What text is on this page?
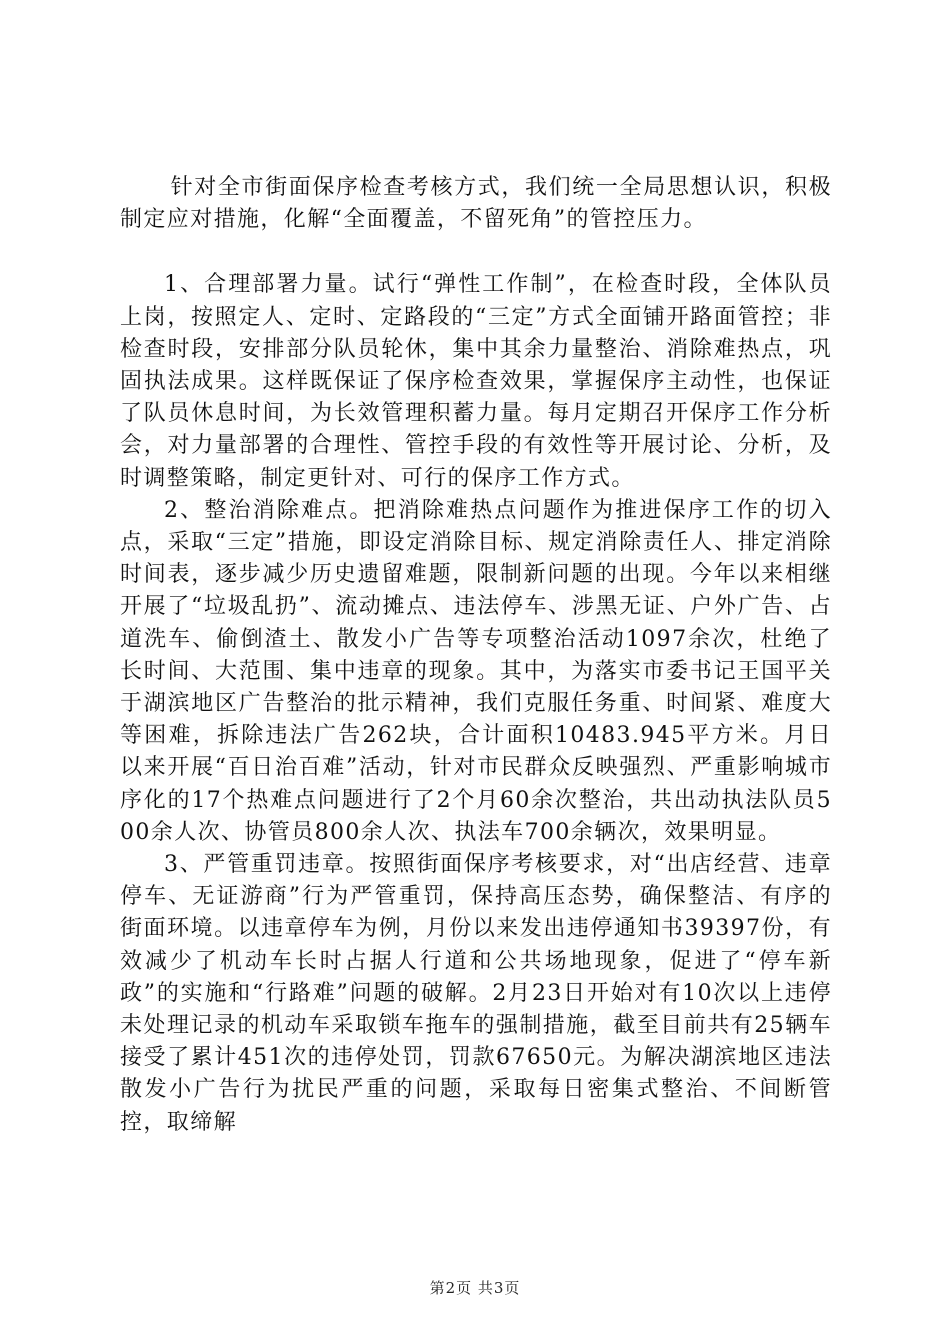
针对全市街面保序检查考核方式，我们统一全局思想认识，积极制定应对措施，化解“全面覆盖，不留死角”的管控压力。

1、合理部署力量。试行“弹性工作制”，在检查时段，全体队员上岗，按照定人、定时、定路段的“三定”方式全面铺开路面管控；非检查时段，安排部分队员轮休，集中其余力量整治、消除难热点，巩固执法成果。这样既保证了保序检查效果，掌握保序主动性，也保证了队员休息时间，为长效管理积蓄力量。每月定期召开保序工作分析会，对力量部署的合理性、管控手段的有效性等开展讨论、分析，及时调整策略，制定更针对、可行的保序工作方式。

2、整治消除难点。把消除难热点问题作为推进保序工作的切入点，采取“三定”措施，即设定消除目标、规定消除责任人、排定消除时间表，逐步减少历史遗留难题，限制新问题的出现。今年以来相继开展了“垃圾乱扔”、流动摊点、违法停车、涉黑无证、户外广告、占道洗车、偷倒渣土、散发小广告等专项整治活动1097余次，杜绝了长时间、大范围、集中违章的现象。其中，为落实市委书记王国平关于湖滨地区广告整治的批示精神，我们克服任务重、时间紧、难度大等困难，拆除违法广告262块，合计面积10483.945平方米。月日以来开展“百日治百难”活动，针对市民群众反映强烈、严重影响城市序化的17个热难点问题进行了2个月60余次整治，共出动执法队员500余人次、协管员800余人次、执法车700余辆次，效果明显。

3、严管重罚违章。按照街面保序考核要求，对“出店经营、违章停车、无证游商”行为严管重罚，保持高压态势，确保整洁、有序的街面环境。以违章停车为例，月份以来发出违停通知书39397份，有效减少了机动车长时占据人行道和公共场地现象，促进了“停车新政”的实施和“行路难”问题的破解。2月23日开始对有10次以上违停未处理记录的机动车采取锁车拖车的强制措施，截至目前共有25辆车接受了累计451次的违停处罚，罚款67650元。为解决湖滨地区违法散发小广告行为扰民严重的问题，采取每日密集式整治、不间断管控，取缔解

第2页 共3页
